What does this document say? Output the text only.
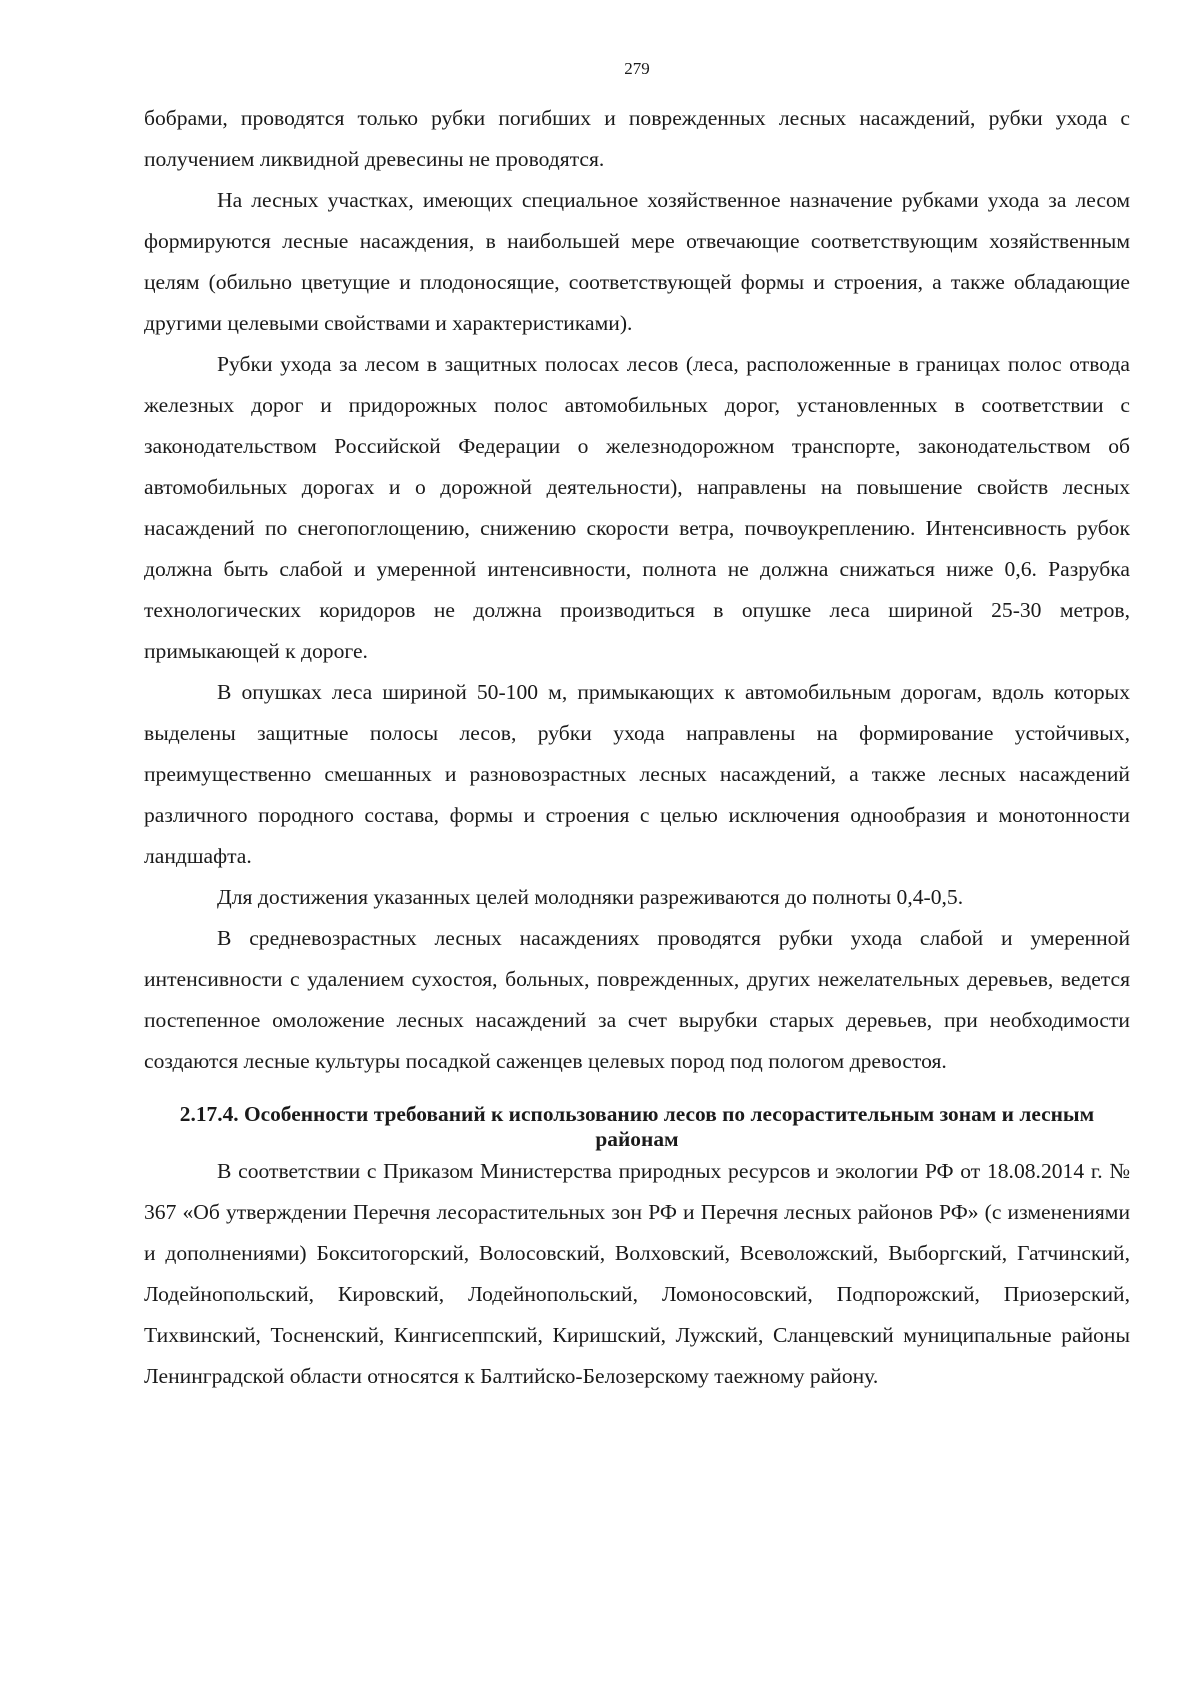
279

бобрами, проводятся только рубки погибших и поврежденных лесных насаждений, рубки ухода с получением ликвидной древесины не проводятся.

На лесных участках, имеющих специальное хозяйственное назначение рубками ухода за лесом формируются лесные насаждения, в наибольшей мере отвечающие соответствующим хозяйственным целям (обильно цветущие и плодоносящие, соответствующей формы и строения, а также обладающие другими целевыми свойствами и характеристиками).

Рубки ухода за лесом в защитных полосах лесов (леса, расположенные в границах полос отвода железных дорог и придорожных полос автомобильных дорог, установленных в соответствии с законодательством Российской Федерации о железнодорожном транспорте, законодательством об автомобильных дорогах и о дорожной деятельности), направлены на повышение свойств лесных насаждений по снегопоглощению, снижению скорости ветра, почвоукреплению. Интенсивность рубок должна быть слабой и умеренной интенсивности, полнота не должна снижаться ниже 0,6. Разрубка технологических коридоров не должна производиться в опушке леса шириной 25-30 метров, примыкающей к дороге.

В опушках леса шириной 50-100 м, примыкающих к автомобильным дорогам, вдоль которых выделены защитные полосы лесов, рубки ухода направлены на формирование устойчивых, преимущественно смешанных и разновозрастных лесных насаждений, а также лесных насаждений различного породного состава, формы и строения с целью исключения однообразия и монотонности ландшафта.

Для достижения указанных целей молодняки разреживаются до полноты 0,4-0,5.

В средневозрастных лесных насаждениях проводятся рубки ухода слабой и умеренной интенсивности с удалением сухостоя, больных, поврежденных, других нежелательных деревьев, ведется постепенное омоложение лесных насаждений за счет вырубки старых деревьев, при необходимости создаются лесные культуры посадкой саженцев целевых пород под пологом древостоя.

2.17.4. Особенности требований к использованию лесов по лесорастительным зонам и лесным районам

В соответствии с Приказом Министерства природных ресурсов и экологии РФ от 18.08.2014 г. № 367 «Об утверждении Перечня лесорастительных зон РФ и Перечня лесных районов РФ» (с изменениями и дополнениями) Бокситогорский, Волосовский, Волховский, Всеволожский, Выборгский, Гатчинский, Лодейнопольский, Кировский, Лодейнопольский, Ломоносовский, Подпорожский, Приозерский, Тихвинский, Тосненский, Кингисеппский, Киришский, Лужский, Сланцевский муниципальные районы Ленинградской области относятся к Балтийско-Белозерскому таежному району.
